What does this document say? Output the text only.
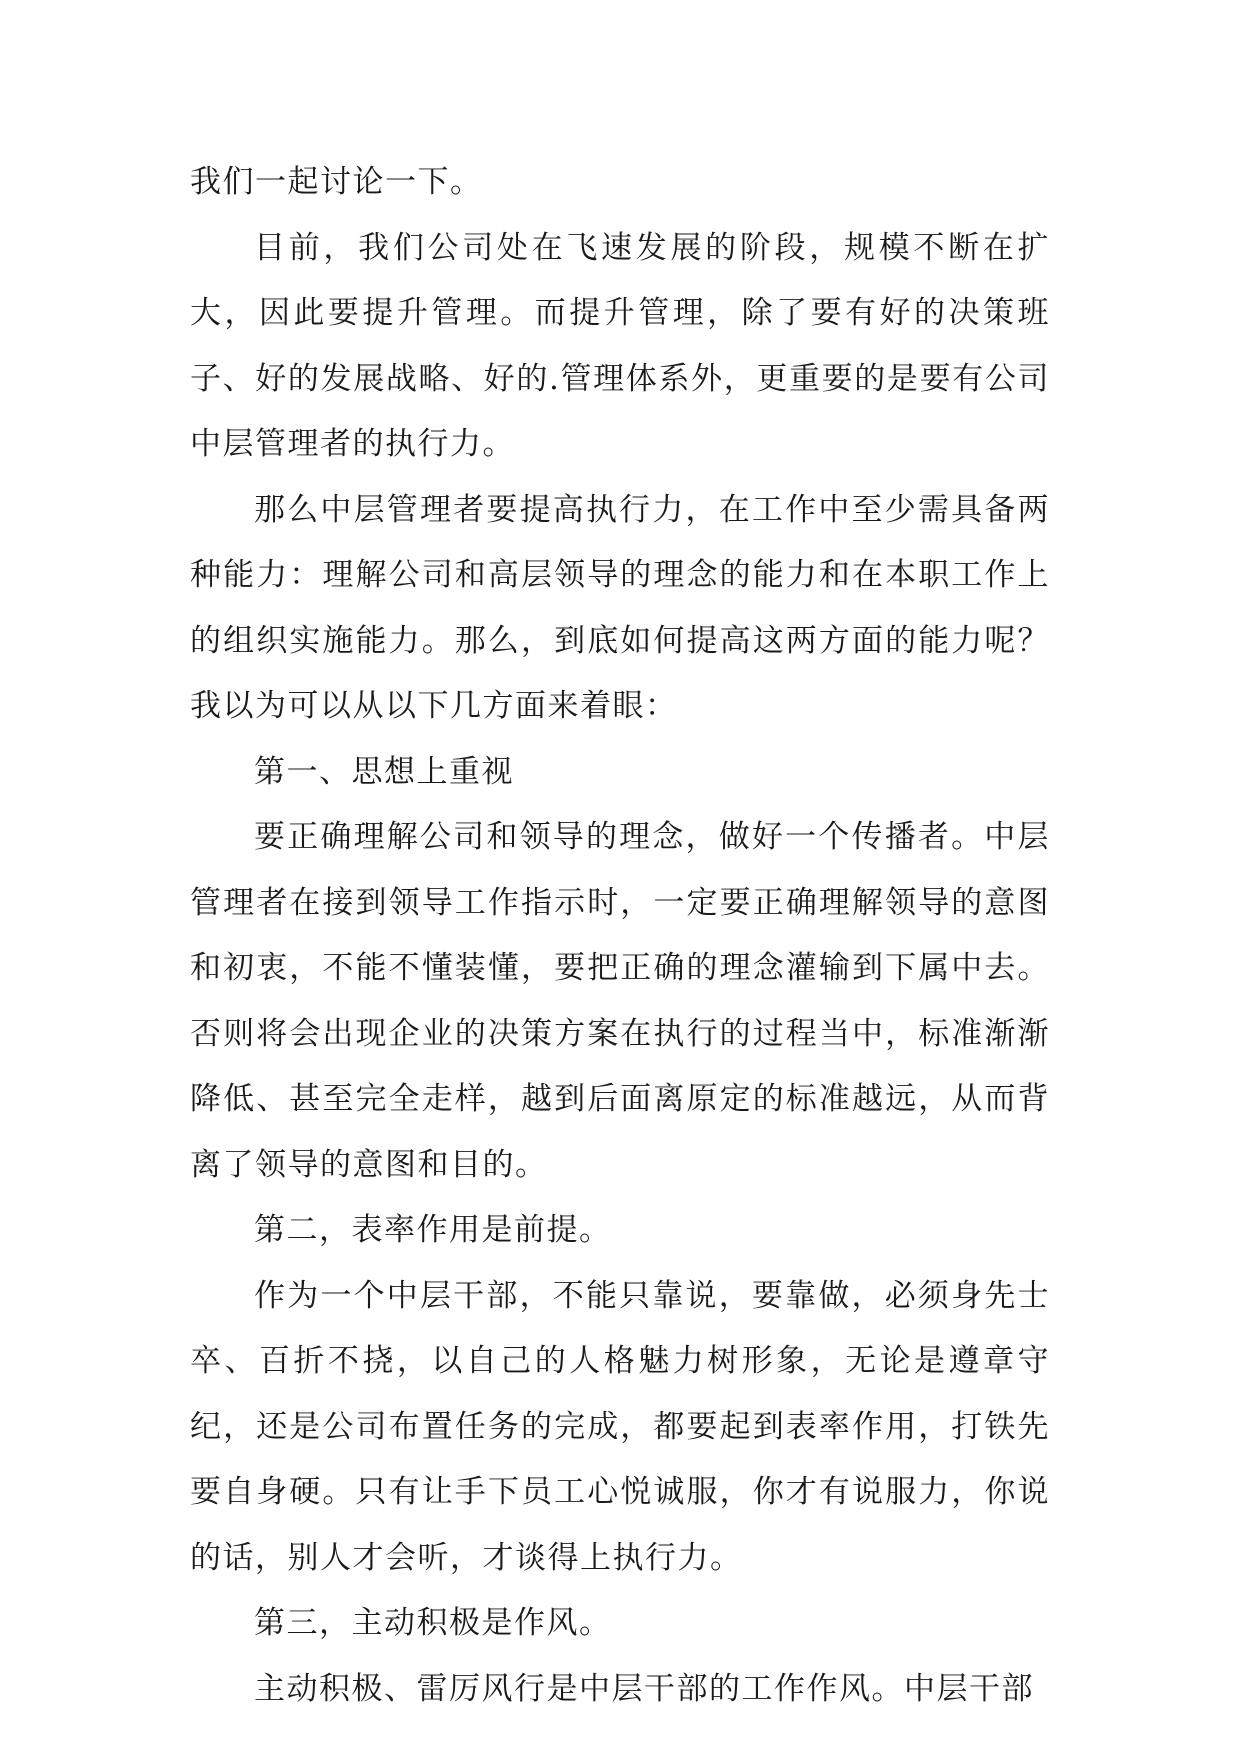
我们一起讨论一下。

目前，我们公司处在飞速发展的阶段，规模不断在扩大，因此要提升管理。而提升管理，除了要有好的决策班子、好的发展战略、好的.管理体系外，更重要的是要有公司中层管理者的执行力。

那么中层管理者要提高执行力，在工作中至少需具备两种能力：理解公司和高层领导的理念的能力和在本职工作上的组织实施能力。那么，到底如何提高这两方面的能力呢？我以为可以从以下几方面来着眼：

第一、思想上重视

要正确理解公司和领导的理念，做好一个传播者。中层管理者在接到领导工作指示时，一定要正确理解领导的意图和初衷，不能不懂装懂，要把正确的理念灌输到下属中去。否则将会出现企业的决策方案在执行的过程当中，标准渐渐降低、甚至完全走样，越到后面离原定的标准越远，从而背离了领导的意图和目的。

第二，表率作用是前提。

作为一个中层干部，不能只靠说，要靠做，必须身先士卒、百折不挠，以自己的人格魅力树形象，无论是遵章守纪，还是公司布置任务的完成，都要起到表率作用，打铁先要自身硬。只有让手下员工心悦诚服，你才有说服力，你说的话，别人才会听，才谈得上执行力。

第三，主动积极是作风。

主动积极、雷厉风行是中层干部的工作作风。中层干部
